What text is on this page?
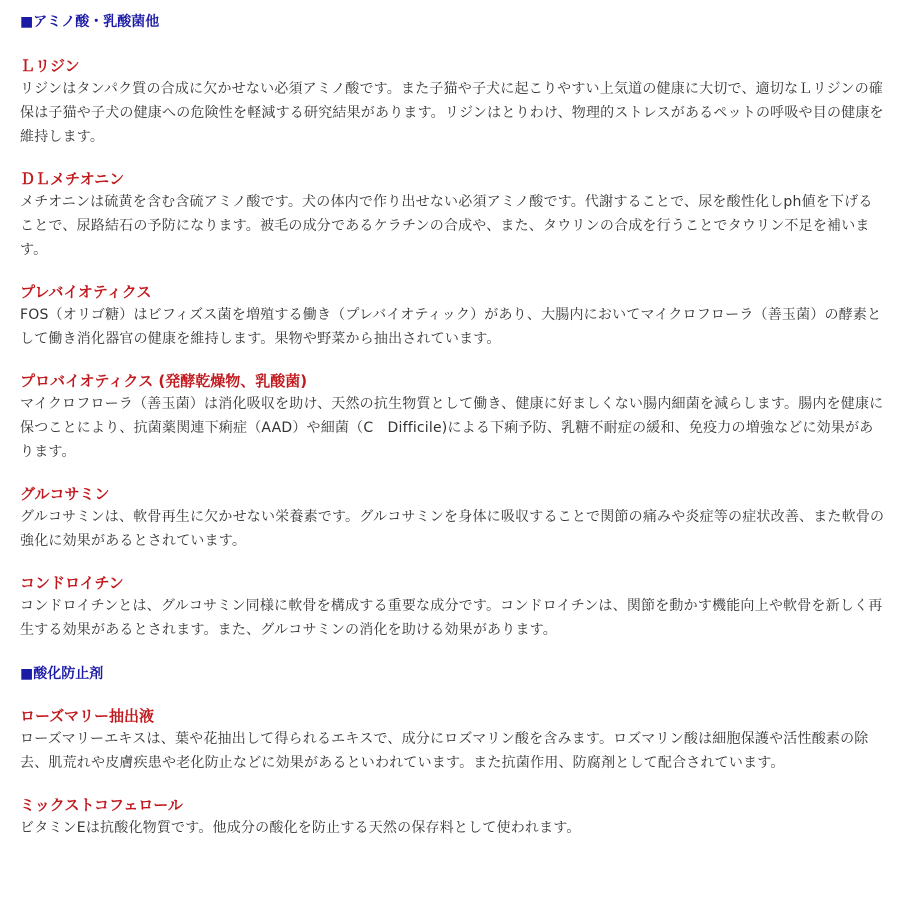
■アミノ酸・乳酸菌他
Ｌリジン
リジンはタンパク質の合成に欠かせない必須アミノ酸です。また子猫や子犬に起こりやすい上気道の健康に大切で、適切なＬリジンの確保は子猫や子犬の健康への危険性を軽減する研究結果があります。リジンはとりわけ、物理的ストレスがあるペットの呼吸や目の健康を維持します。
ＤＬメチオニン
メチオニンは硫黄を含む含硫アミノ酸です。犬の体内で作り出せない必須アミノ酸です。代謝することで、尿を酸性化しph値を下げることで、尿路結石の予防になります。被毛の成分であるケラチンの合成や、また、タウリンの合成を行うことでタウリン不足を補います。
プレバイオティクス
FOS（オリゴ糖）はビフィズス菌を増殖する働き（プレバイオティック）があり、大腸内においてマイクロフローラ（善玉菌）の酵素として働き消化器官の健康を維持します。果物や野菜から抽出されています。
プロバイオティクス (発酵乾燥物、乳酸菌)
マイクロフローラ（善玉菌）は消化吸収を助け、天然の抗生物質として働き、健康に好ましくない腸内細菌を減らします。腸内を健康に保つことにより、抗菌薬関連下痢症（AAD）や細菌（C　Difficile)による下痢予防、乳糖不耐症の緩和、免疫力の増強などに効果があります。
グルコサミン
グルコサミンは、軟骨再生に欠かせない栄養素です。グルコサミンを身体に吸収することで関節の痛みや炎症等の症状改善、また軟骨の強化に効果があるとされています。
コンドロイチン
コンドロイチンとは、グルコサミン同様に軟骨を構成する重要な成分です。コンドロイチンは、関節を動かす機能向上や軟骨を新しく再生する効果があるとされます。また、グルコサミンの消化を助ける効果があります。
■酸化防止剤
ローズマリー抽出液
ローズマリーエキスは、葉や花抽出して得られるエキスで、成分にロズマリン酸を含みます。ロズマリン酸は細胞保護や活性酸素の除去、肌荒れや皮膚疾患や老化防止などに効果があるといわれています。また抗菌作用、防腐剤として配合されています。
ミックストコフェロール
ビタミンEは抗酸化物質です。他成分の酸化を防止する天然の保存料として使われます。
